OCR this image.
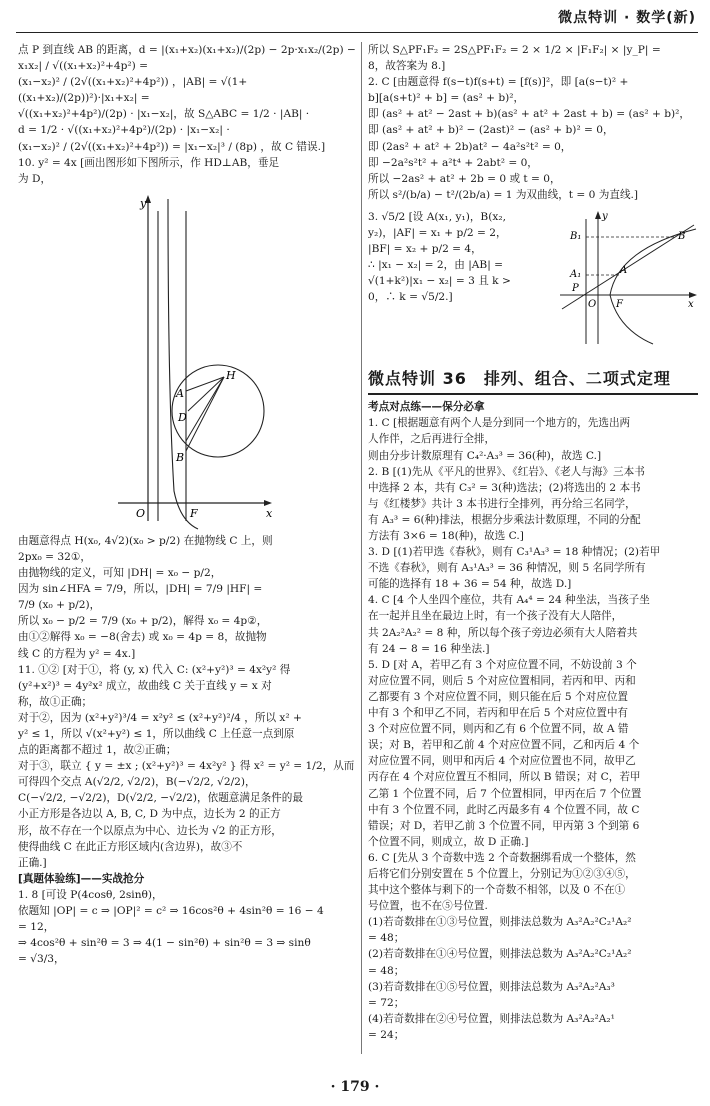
微点特训 · 数学(新)

点 P 到直线 AB 的距离，d = |(x₁+x₂)(x₁+x₂)/(2p) − 2p·x₁x₂/(2p) − x₁x₂| / √((x₁+x₂)²+4p²) =

(x₁−x₂)² / (2√((x₁+x₂)²+4p²)) ，|AB| = √(1+((x₁+x₂)/(2p))²)·|x₁+x₂| =

√((x₁+x₂)²+4p²)/(2p) · |x₁−x₂|，故 S△ABC = 1/2 · |AB| ·

d = 1/2 · √((x₁+x₂)²+4p²)/(2p) · |x₁−x₂| ·

(x₁−x₂)² / (2√((x₁+x₂)²+4p²)) = |x₁−x₂|³ / (8p) ，故 C 错误.]

10. y² = 4x [画出图形如下图所示，作 HD⊥AB，垂足

为 D，

y
x
O	F
A
B
D
H

由题意得点 H(x₀, 4√2)(x₀ > p/2) 在抛物线 C 上，则

2px₀ = 32①，

由抛物线的定义，可知 |DH| = x₀ − p/2，

因为 sin∠HFA = 7/9，所以，|DH| = 7/9 |HF| =

7/9 (x₀ + p/2)，

所以 x₀ − p/2 = 7/9 (x₀ + p/2)，解得 x₀ = 4p②，

由①②解得 x₀ = −8(舍去) 或 x₀ = 4p = 8，故抛物

线 C 的方程为 y² = 4x.]

11. ①② [对于①，将 (y, x) 代入 C: (x²+y²)³ = 4x²y² 得

(y²+x²)³ = 4y²x² 成立，故曲线 C 关于直线 y = x 对

称，故①正确；

对于②，因为 (x²+y²)³/4 = x²y² ≤ (x²+y²)²/4 ，所以 x² +

y² ≤ 1，所以 √(x²+y²) ≤ 1，所以曲线 C 上任意一点到原

点的距离都不超过 1，故②正确；

对于③，联立 { y = ±x ; (x²+y²)³ = 4x²y² } 得 x² = y² = 1/2，从而

可得四个交点 A(√2/2, √2/2)，B(−√2/2, √2/2)，

C(−√2/2, −√2/2)，D(√2/2, −√2/2)，依题意满足条件的最

小正方形是各边以 A, B, C, D 为中点，边长为 2 的正方

形，故不存在一个以原点为中心、边长为 √2 的正方形，

使得曲线 C 在此正方形区域内(含边界)，故③不

正确.]

[真题体验练]——实战抢分

1. 8 [可设 P(4cosθ, 2sinθ)，

依题知 |OP| = c ⇒ |OP|² = c² ⇒ 16cos²θ + 4sin²θ = 16 − 4

= 12，

⇒ 4cos²θ + sin²θ = 3 ⇒ 4(1 − sin²θ) + sin²θ = 3 ⇒ sinθ

= √3/3，

所以 S△PF₁F₂ = 2S△PF₁F₂ = 2 × 1/2 × |F₁F₂| × |y_P| =

8，故答案为 8.]

2. C [由题意得 f(s−t)f(s+t) = [f(s)]²，即 [a(s−t)² +

b][a(s+t)² + b] = (as² + b)²，

即 (as² + at² − 2ast + b)(as² + at² + 2ast + b) = (as² + b)²，

即 (as² + at² + b)² − (2ast)² − (as² + b)² = 0，

即 (2as² + at² + 2b)at² − 4a²s²t² = 0，

即 −2a²s²t² + a²t⁴ + 2abt² = 0，

所以 −2as² + at² + 2b = 0 或 t = 0，

所以 s²/(b/a) − t²/(2b/a) = 1 为双曲线，t = 0 为直线.]

3. √5/2 [设 A(x₁, y₁)，B(x₂,

y₂)，|AF| = x₁ + p/2 = 2，

|BF| = x₂ + p/2 = 4，

∴ |x₁ − x₂| = 2，由 |AB| =

√(1+k²)|x₁ − x₂| = 3 且 k >

0，∴ k = √5/2.]

y
x
O F
A
B
A₁
B₁
P
微点特训 36　排列、组合、二项式定理

考点对点练——保分必拿

1. C [根据题意有两个人是分到同一个地方的，先选出两

人作伴，之后再进行全排，

则由分步计数原理有 C₄²·A₃³ = 36(种)，故选 C.]

2. B [(1)先从《平凡的世界》、《红岩》、《老人与海》三本书

中选择 2 本，共有 C₃² = 3(种)选法；(2)将选出的 2 本书

与《红楼梦》共计 3 本书进行全排列，再分给三名同学，

有 A₃³ = 6(种)排法，根据分步乘法计数原理，不同的分配

方法有 3×6 = 18(种)，故选 C.]

3. D [(1)若甲选《春秋》，则有 C₃¹A₃³ = 18 种情况；(2)若甲

不选《春秋》，则有 A₃¹A₃³ = 36 种情况，则 5 名同学所有

可能的选择有 18 + 36 = 54 种，故选 D.]

4. C [4 个人坐四个座位，共有 A₄⁴ = 24 种坐法，当孩子坐

在一起并且坐在最边上时，有一个孩子没有大人陪伴，

共 2A₂²A₂² = 8 种，所以每个孩子旁边必须有大人陪着共

有 24 − 8 = 16 种坐法.]

5. D [对 A，若甲乙有 3 个对应位置不同，不妨设前 3 个

对应位置不同，则后 5 个对应位置相同，若丙和甲、丙和

乙都要有 3 个对应位置不同，则只能在后 5 个对应位置

中有 3 个和甲乙不同，若丙和甲在后 5 个对应位置中有

3 个对应位置不同，则丙和乙有 6 个位置不同，故 A 错

误；对 B，若甲和乙前 4 个对应位置不同，乙和丙后 4 个

对应位置不同，则甲和丙后 4 个对应位置也不同，故甲乙

丙存在 4 个对应位置互不相同，所以 B 错误；对 C，若甲

乙第 1 个位置不同，后 7 个位置相同，甲丙在后 7 个位置

中有 3 个位置不同，此时乙丙最多有 4 个位置不同，故 C

错误；对 D，若甲乙前 3 个位置不同，甲丙第 3 个到第 6

个位置不同，则成立，故 D 正确.]

6. C [先从 3 个奇数中选 2 个奇数捆绑看成一个整体，然

后将它们分别安置在 5 个位置上，分别记为①②③④⑤，

其中这个整体与剩下的一个奇数不相邻，以及 0 不在①

号位置，也不在⑤号位置.

(1)若奇数排在①③号位置，则排法总数为 A₃²A₂²C₂¹A₂²

= 48；

(2)若奇数排在①④号位置，则排法总数为 A₃²A₂²C₂¹A₂²

= 48；

(3)若奇数排在①⑤号位置，则排法总数为 A₃²A₂²A₃³

= 72；

(4)若奇数排在②④号位置，则排法总数为 A₃²A₂²A₂¹

= 24；

· 179 ·
